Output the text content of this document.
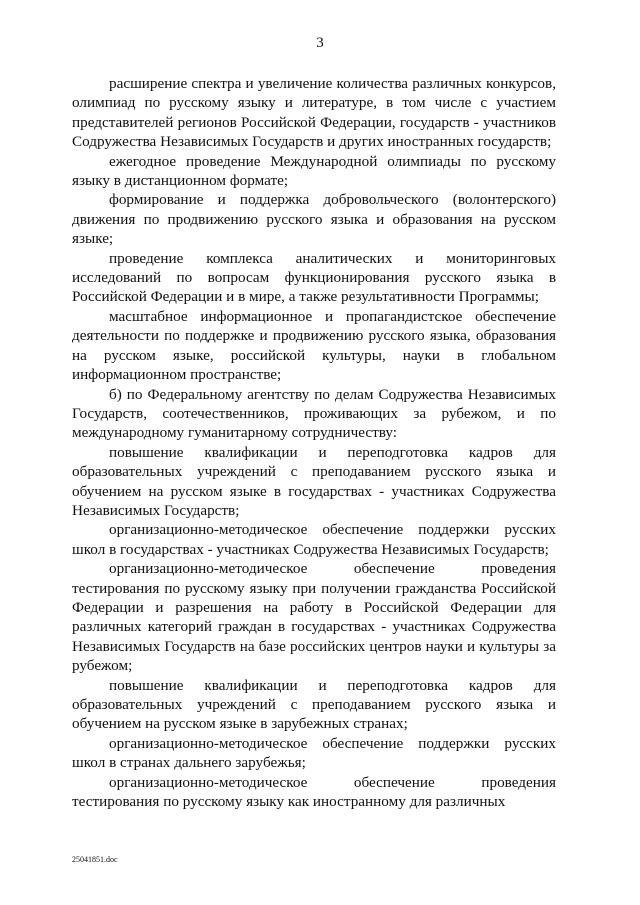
3

расширение спектра и увеличение количества различных конкурсов, олимпиад по русскому языку и литературе, в том числе с участием представителей регионов Российской Федерации, государств - участников Содружества Независимых Государств и других иностранных государств;

ежегодное проведение Международной олимпиады по русскому языку в дистанционном формате;

формирование и поддержка добровольческого (волонтерского) движения по продвижению русского языка и образования на русском языке;

проведение комплекса аналитических и мониторинговых исследований по вопросам функционирования русского языка в Российской Федерации и в мире, а также результативности Программы;

масштабное информационное и пропагандистское обеспечение деятельности по поддержке и продвижению русского языка, образования на русском языке, российской культуры, науки в глобальном информационном пространстве;

б) по Федеральному агентству по делам Содружества Независимых Государств, соотечественников, проживающих за рубежом, и по международному гуманитарному сотрудничеству:

повышение квалификации и переподготовка кадров для образовательных учреждений с преподаванием русского языка и обучением на русском языке в государствах - участниках Содружества Независимых Государств;

организационно-методическое обеспечение поддержки русских школ в государствах - участниках Содружества Независимых Государств;

организационно-методическое обеспечение проведения тестирования по русскому языку при получении гражданства Российской Федерации и разрешения на работу в Российской Федерации для различных категорий граждан в государствах - участниках Содружества Независимых Государств на базе российских центров науки и культуры за рубежом;

повышение квалификации и переподготовка кадров для образовательных учреждений с преподаванием русского языка и обучением на русском языке в зарубежных странах;

организационно-методическое обеспечение поддержки русских школ в странах дальнего зарубежья;

организационно-методическое обеспечение проведения тестирования по русскому языку как иностранному для различных

25041851.doc
